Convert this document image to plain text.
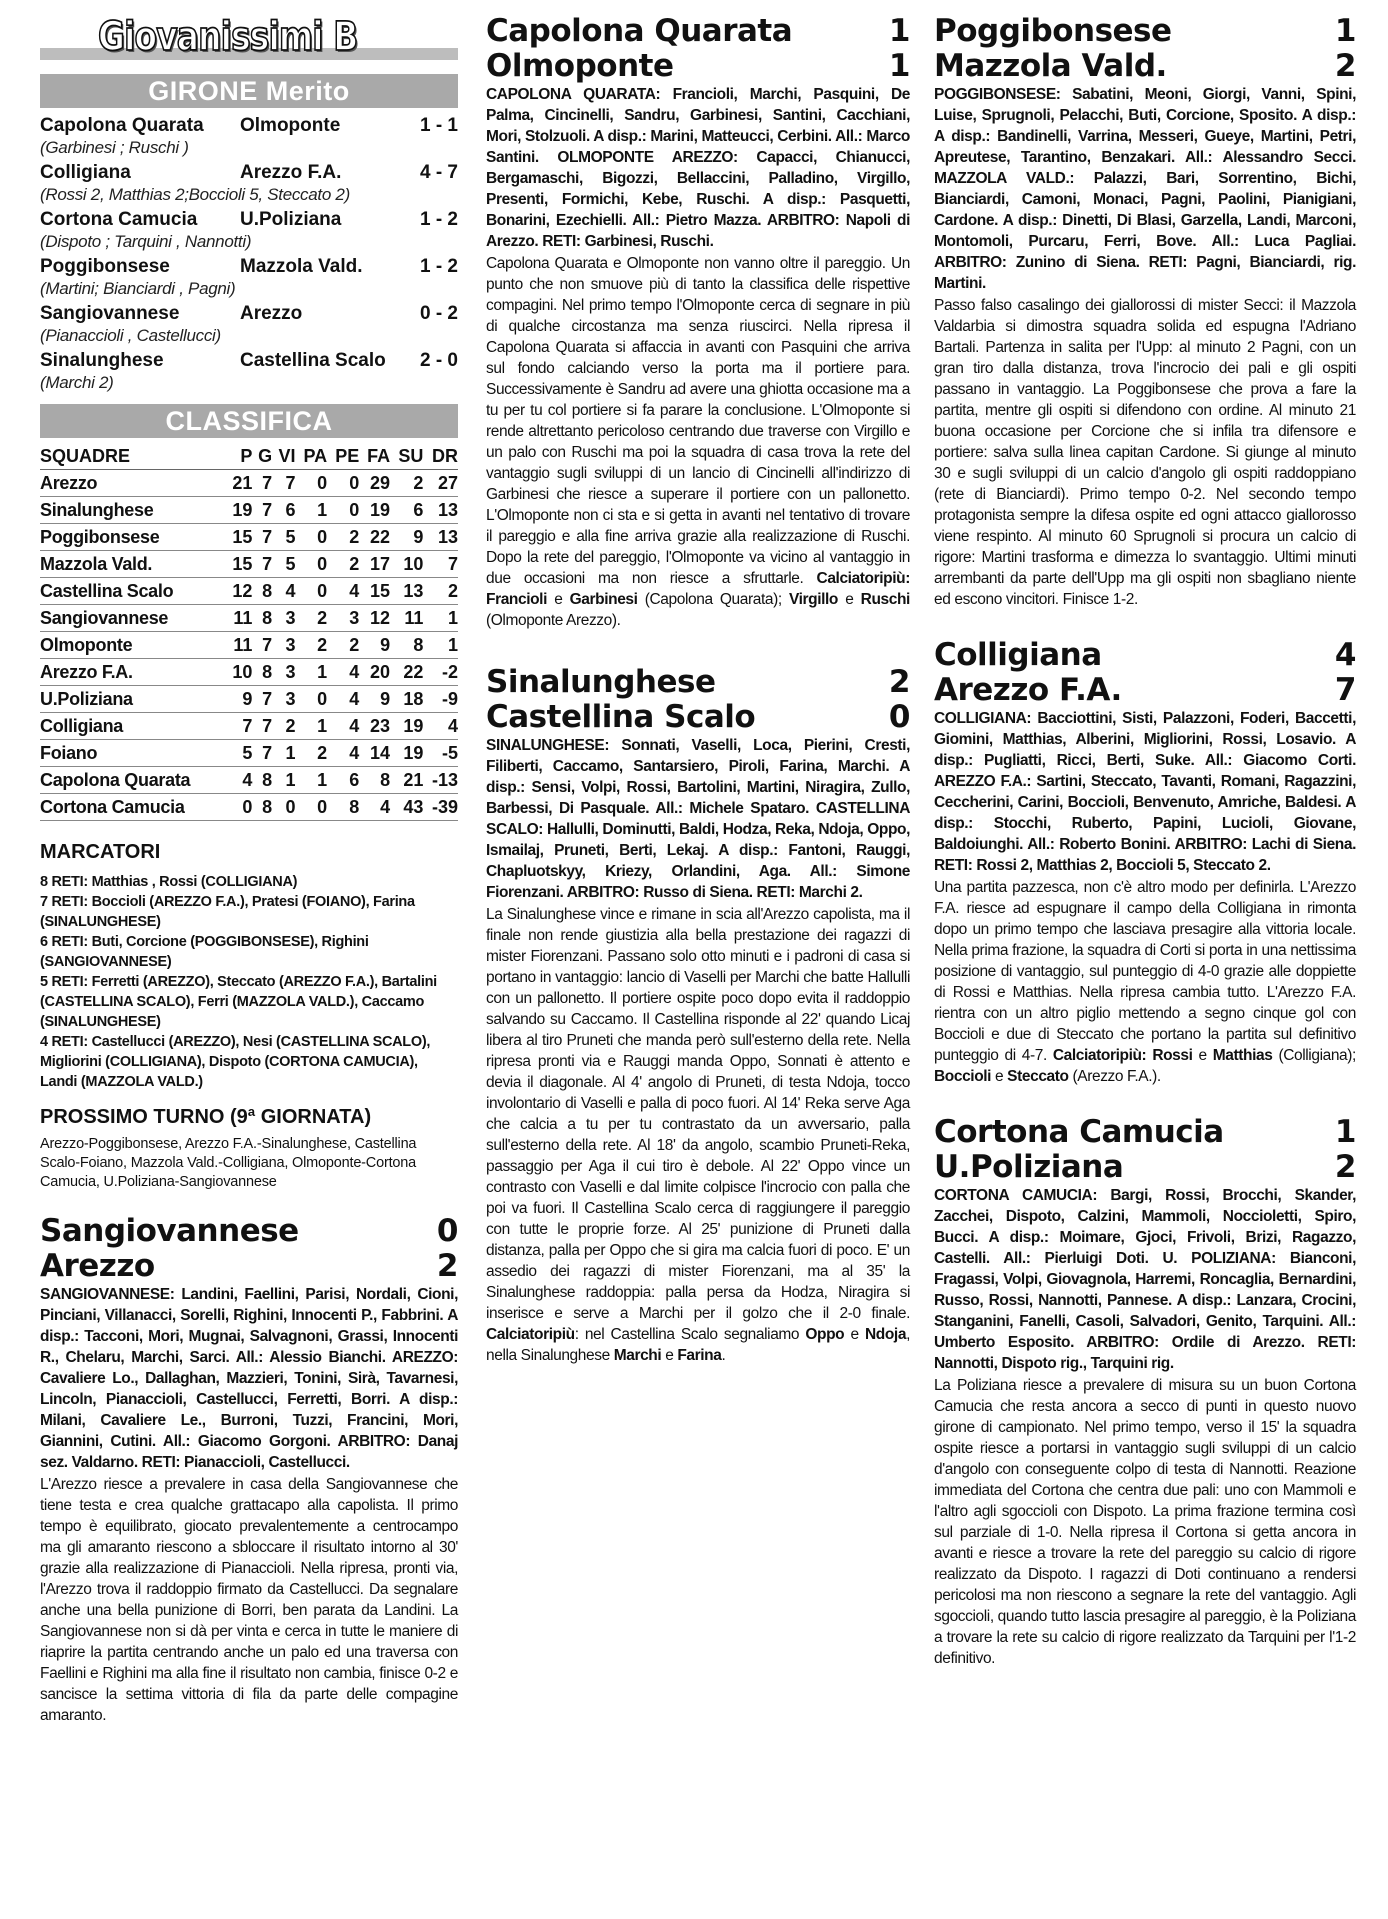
Giovanissimi B
GIRONE Merito
Capolona Quarata	Olmoponte	1 - 1
(Garbinesi ; Ruschi )
Colligiana	Arezzo F.A.	4 - 7
(Rossi 2, Matthias 2;Boccioli 5, Steccato 2)
Cortona Camucia	U.Poliziana	1 - 2
(Dispoto ; Tarquini , Nannotti)
Poggibonsese	Mazzola Vald.	1 - 2
(Martini; Bianciardi , Pagni)
Sangiovannese	Arezzo	0 - 2
(Pianaccioli , Castellucci)
Sinalunghese	Castellina Scalo	2 - 0
(Marchi 2)
CLASSIFICA
SQUADRE	P	G	VI	PA	PE	FA	SU	DR
Arezzo	21	7	7	0	0	29	2	27
Sinalunghese	19	7	6	1	0	19	6	13
Poggibonsese	15	7	5	0	2	22	9	13
Mazzola Vald.	15	7	5	0	2	17	10	7
Castellina Scalo	12	8	4	0	4	15	13	2
Sangiovannese	11	8	3	2	3	12	11	1
Olmoponte	11	7	3	2	2	9	8	1
Arezzo F.A.	10	8	3	1	4	20	22	-2
U.Poliziana	9	7	3	0	4	9	18	-9
Colligiana	7	7	2	1	4	23	19	4
Foiano	5	7	1	2	4	14	19	-5
Capolona Quarata	4	8	1	1	6	8	21	-13
Cortona Camucia	0	8	0	0	8	4	43	-39
MARCATORI
8 RETI: Matthias , Rossi (COLLIGIANA)
7 RETI: Boccioli (AREZZO F.A.), Pratesi (FOIANO), Farina (SINALUNGHESE)
6 RETI: Buti, Corcione (POGGIBONSESE), Righini (SANGIOVANNESE)
5 RETI: Ferretti (AREZZO), Steccato (AREZZO F.A.), Bartalini (CASTELLINA SCALO), Ferri (MAZZOLA VALD.), Caccamo (SINALUNGHESE)
4 RETI: Castellucci (AREZZO), Nesi (CASTELLINA SCALO), Migliorini (COLLIGIANA), Dispoto (CORTONA CAMUCIA), Landi (MAZZOLA VALD.)
PROSSIMO TURNO (9ª GIORNATA)
Arezzo-Poggibonsese, Arezzo F.A.-Sinalunghese, Castellina Scalo-Foiano, Mazzola Vald.-Colligiana, Olmoponte-Cortona Camucia, U.Poliziana-Sangiovannese
Sangiovannese	0
Arezzo	2
SANGIOVANNESE: Landini, Faellini, Parisi, Nordali, Cioni, Pinciani, Villanacci, Sorelli, Righini, Innocenti P., Fabbrini. A disp.: Tacconi, Mori, Mugnai, Salvagnoni, Grassi, Innocenti R., Chelaru, Marchi, Sarci. All.: Alessio Bianchi. AREZZO: Cavaliere Lo., Dallaghan, Mazzieri, Tonini, Sirà, Tavarnesi, Lincoln, Pianaccioli, Castellucci, Ferretti, Borri. A disp.: Milani, Cavaliere Le., Burroni, Tuzzi, Francini, Mori, Giannini, Cutini. All.: Giacomo Gorgoni. ARBITRO: Danaj sez. Valdarno. RETI: Pianaccioli, Castellucci.
L'Arezzo riesce a prevalere in casa della Sangiovannese che tiene testa e crea qualche grattacapo alla capolista. Il primo tempo è equilibrato, giocato prevalentemente a centrocampo ma gli amaranto riescono a sbloccare il risultato intorno al 30' grazie alla realizzazione di Pianaccioli. Nella ripresa, pronti via, l'Arezzo trova il raddoppio firmato da Castellucci. Da segnalare anche una bella punizione di Borri, ben parata da Landini. La Sangiovannese non si dà per vinta e cerca in tutte le maniere di riaprire la partita centrando anche un palo ed una traversa con Faellini e Righini ma alla fine il risultato non cambia, finisce 0-2 e sancisce la settima vittoria di fila da parte delle compagine amaranto.
Capolona Quarata	1
Olmoponte	1
CAPOLONA QUARATA: Francioli, Marchi, Pasquini, De Palma, Cincinelli, Sandru, Garbinesi, Santini, Cacchiani, Mori, Stolzuoli. A disp.: Marini, Matteucci, Cerbini. All.: Marco Santini. OLMOPONTE AREZZO: Capacci, Chianucci, Bergamaschi, Bigozzi, Bellaccini, Palladino, Virgillo, Presenti, Formichi, Kebe, Ruschi. A disp.: Pasquetti, Bonarini, Ezechielli. All.: Pietro Mazza. ARBITRO: Napoli di Arezzo. RETI: Garbinesi, Ruschi.
Capolona Quarata e Olmoponte non vanno oltre il pareggio. Un punto che non smuove più di tanto la classifica delle rispettive compagini. Nel primo tempo l'Olmoponte cerca di segnare in più di qualche circostanza ma senza riuscirci. Nella ripresa il Capolona Quarata si affaccia in avanti con Pasquini che arriva sul fondo calciando verso la porta ma il portiere para. Successivamente è Sandru ad avere una ghiotta occasione ma a tu per tu col portiere si fa parare la conclusione. L'Olmoponte si rende altrettanto pericoloso centrando due traverse con Virgillo e un palo con Ruschi ma poi la squadra di casa trova la rete del vantaggio sugli sviluppi di un lancio di Cincinelli all'indirizzo di Garbinesi che riesce a superare il portiere con un pallonetto. L'Olmoponte non ci sta e si getta in avanti nel tentativo di trovare il pareggio e alla fine arriva grazie alla realizzazione di Ruschi. Dopo la rete del pareggio, l'Olmoponte va vicino al vantaggio in due occasioni ma non riesce a sfruttarle. Calciatoripiù: Francioli e Garbinesi (Capolona Quarata); Virgillo e Ruschi (Olmoponte Arezzo).
Sinalunghese	2
Castellina Scalo	0
SINALUNGHESE: Sonnati, Vaselli, Loca, Pierini, Cresti, Filiberti, Caccamo, Santarsiero, Piroli, Farina, Marchi. A disp.: Sensi, Volpi, Rossi, Bartolini, Martini, Niragira, Zullo, Barbessi, Di Pasquale. All.: Michele Spataro. CASTELLINA SCALO: Hallulli, Dominutti, Baldi, Hodza, Reka, Ndoja, Oppo, Ismailaj, Pruneti, Berti, Lekaj. A disp.: Fantoni, Rauggi, Chapluotskyy, Kriezy, Orlandini, Aga. All.: Simone Fiorenzani. ARBITRO: Russo di Siena. RETI: Marchi 2.
La Sinalunghese vince e rimane in scia all'Arezzo capolista, ma il finale non rende giustizia alla bella prestazione dei ragazzi di mister Fiorenzani. Passano solo otto minuti e i padroni di casa si portano in vantaggio: lancio di Vaselli per Marchi che batte Hallulli con un pallonetto. Il portiere ospite poco dopo evita il raddoppio salvando su Caccamo. Il Castellina risponde al 22' quando Licaj libera al tiro Pruneti che manda però sull'esterno della rete. Nella ripresa pronti via e Rauggi manda Oppo, Sonnati è attento e devia il diagonale. Al 4' angolo di Pruneti, di testa Ndoja, tocco involontario di Vaselli e palla di poco fuori. Al 14' Reka serve Aga che calcia a tu per tu contrastato da un avversario, palla sull'esterno della rete. Al 18' da angolo, scambio Pruneti-Reka, passaggio per Aga il cui tiro è debole. Al 22' Oppo vince un contrasto con Vaselli e dal limite colpisce l'incrocio con palla che poi va fuori. Il Castellina Scalo cerca di raggiungere il pareggio con tutte le proprie forze. Al 25' punizione di Pruneti dalla distanza, palla per Oppo che si gira ma calcia fuori di poco. E' un assedio dei ragazzi di mister Fiorenzani, ma al 35' la Sinalunghese raddoppia: palla persa da Hodza, Niragira si inserisce e serve a Marchi per il golzo che il 2-0 finale. Calciatoripiù: nel Castellina Scalo segnaliamo Oppo e Ndoja, nella Sinalunghese Marchi e Farina.
Poggibonsese	1
Mazzola Vald.	2
POGGIBONSESE: Sabatini, Meoni, Giorgi, Vanni, Spini, Luise, Sprugnoli, Pelacchi, Buti, Corcione, Sposito. A disp.: A disp.: Bandinelli, Varrina, Messeri, Gueye, Martini, Petri, Apreutese, Tarantino, Benzakari. All.: Alessandro Secci. MAZZOLA VALD.: Palazzi, Bari, Sorrentino, Bichi, Bianciardi, Camoni, Monaci, Pagni, Paolini, Pianigiani, Cardone. A disp.: Dinetti, Di Blasi, Garzella, Landi, Marconi, Montomoli, Purcaru, Ferri, Bove. All.: Luca Pagliai. ARBITRO: Zunino di Siena. RETI: Pagni, Bianciardi, rig. Martini.
Passo falso casalingo dei giallorossi di mister Secci: il Mazzola Valdarbia si dimostra squadra solida ed espugna l'Adriano Bartali. Partenza in salita per l'Upp: al minuto 2 Pagni, con un gran tiro dalla distanza, trova l'incrocio dei pali e gli ospiti passano in vantaggio. La Poggibonsese che prova a fare la partita, mentre gli ospiti si difendono con ordine. Al minuto 21 buona occasione per Corcione che si infila tra difensore e portiere: salva sulla linea capitan Cardone. Si giunge al minuto 30 e sugli sviluppi di un calcio d'angolo gli ospiti raddoppiano (rete di Bianciardi). Primo tempo 0-2. Nel secondo tempo protagonista sempre la difesa ospite ed ogni attacco giallorosso viene respinto. Al minuto 60 Sprugnoli si procura un calcio di rigore: Martini trasforma e dimezza lo svantaggio. Ultimi minuti arrembanti da parte dell'Upp ma gli ospiti non sbagliano niente ed escono vincitori. Finisce 1-2.
Colligiana	4
Arezzo F.A.	7
COLLIGIANA: Bacciottini, Sisti, Palazzoni, Foderi, Baccetti, Giomini, Matthias, Alberini, Migliorini, Rossi, Losavio. A disp.: Pugliatti, Ricci, Berti, Suke. All.: Giacomo Corti. AREZZO F.A.: Sartini, Steccato, Tavanti, Romani, Ragazzini, Ceccherini, Carini, Boccioli, Benvenuto, Amriche, Baldesi. A disp.: Stocchi, Ruberto, Papini, Lucioli, Giovane, Baldoiunghi. All.: Roberto Bonini. ARBITRO: Lachi di Siena. RETI: Rossi 2, Matthias 2, Boccioli 5, Steccato 2.
Una partita pazzesca, non c'è altro modo per definirla. L'Arezzo F.A. riesce ad espugnare il campo della Colligiana in rimonta dopo un primo tempo che lasciava presagire alla vittoria locale. Nella prima frazione, la squadra di Corti si porta in una nettissima posizione di vantaggio, sul punteggio di 4-0 grazie alle doppiette di Rossi e Matthias. Nella ripresa cambia tutto. L'Arezzo F.A. rientra con un altro piglio mettendo a segno cinque gol con Boccioli e due di Steccato che portano la partita sul definitivo punteggio di 4-7. Calciatoripiù: Rossi e Matthias (Colligiana); Boccioli e Steccato (Arezzo F.A.).
Cortona Camucia	1
U.Poliziana	2
CORTONA CAMUCIA: Bargi, Rossi, Brocchi, Skander, Zacchei, Dispoto, Calzini, Mammoli, Noccioletti, Spiro, Bucci. A disp.: Moimare, Gjoci, Frivoli, Brizi, Ragazzo, Castelli. All.: Pierluigi Doti. U. POLIZIANA: Bianconi, Fragassi, Volpi, Giovagnola, Harremi, Roncaglia, Bernardini, Russo, Rossi, Nannotti, Pannese. A disp.: Lanzara, Crocini, Stanganini, Fanelli, Casoli, Salvadori, Genito, Tarquini. All.: Umberto Esposito. ARBITRO: Ordile di Arezzo. RETI: Nannotti, Dispoto rig., Tarquini rig.
La Poliziana riesce a prevalere di misura su un buon Cortona Camucia che resta ancora a secco di punti in questo nuovo girone di campionato. Nel primo tempo, verso il 15' la squadra ospite riesce a portarsi in vantaggio sugli sviluppi di un calcio d'angolo con conseguente colpo di testa di Nannotti. Reazione immediata del Cortona che centra due pali: uno con Mammoli e l'altro agli sgoccioli con Dispoto. La prima frazione termina così sul parziale di 1-0. Nella ripresa il Cortona si getta ancora in avanti e riesce a trovare la rete del pareggio su calcio di rigore realizzato da Dispoto. I ragazzi di Doti continuano a rendersi pericolosi ma non riescono a segnare la rete del vantaggio. Agli sgoccioli, quando tutto lascia presagire al pareggio, è la Poliziana a trovare la rete su calcio di rigore realizzato da Tarquini per l'1-2 definitivo.
